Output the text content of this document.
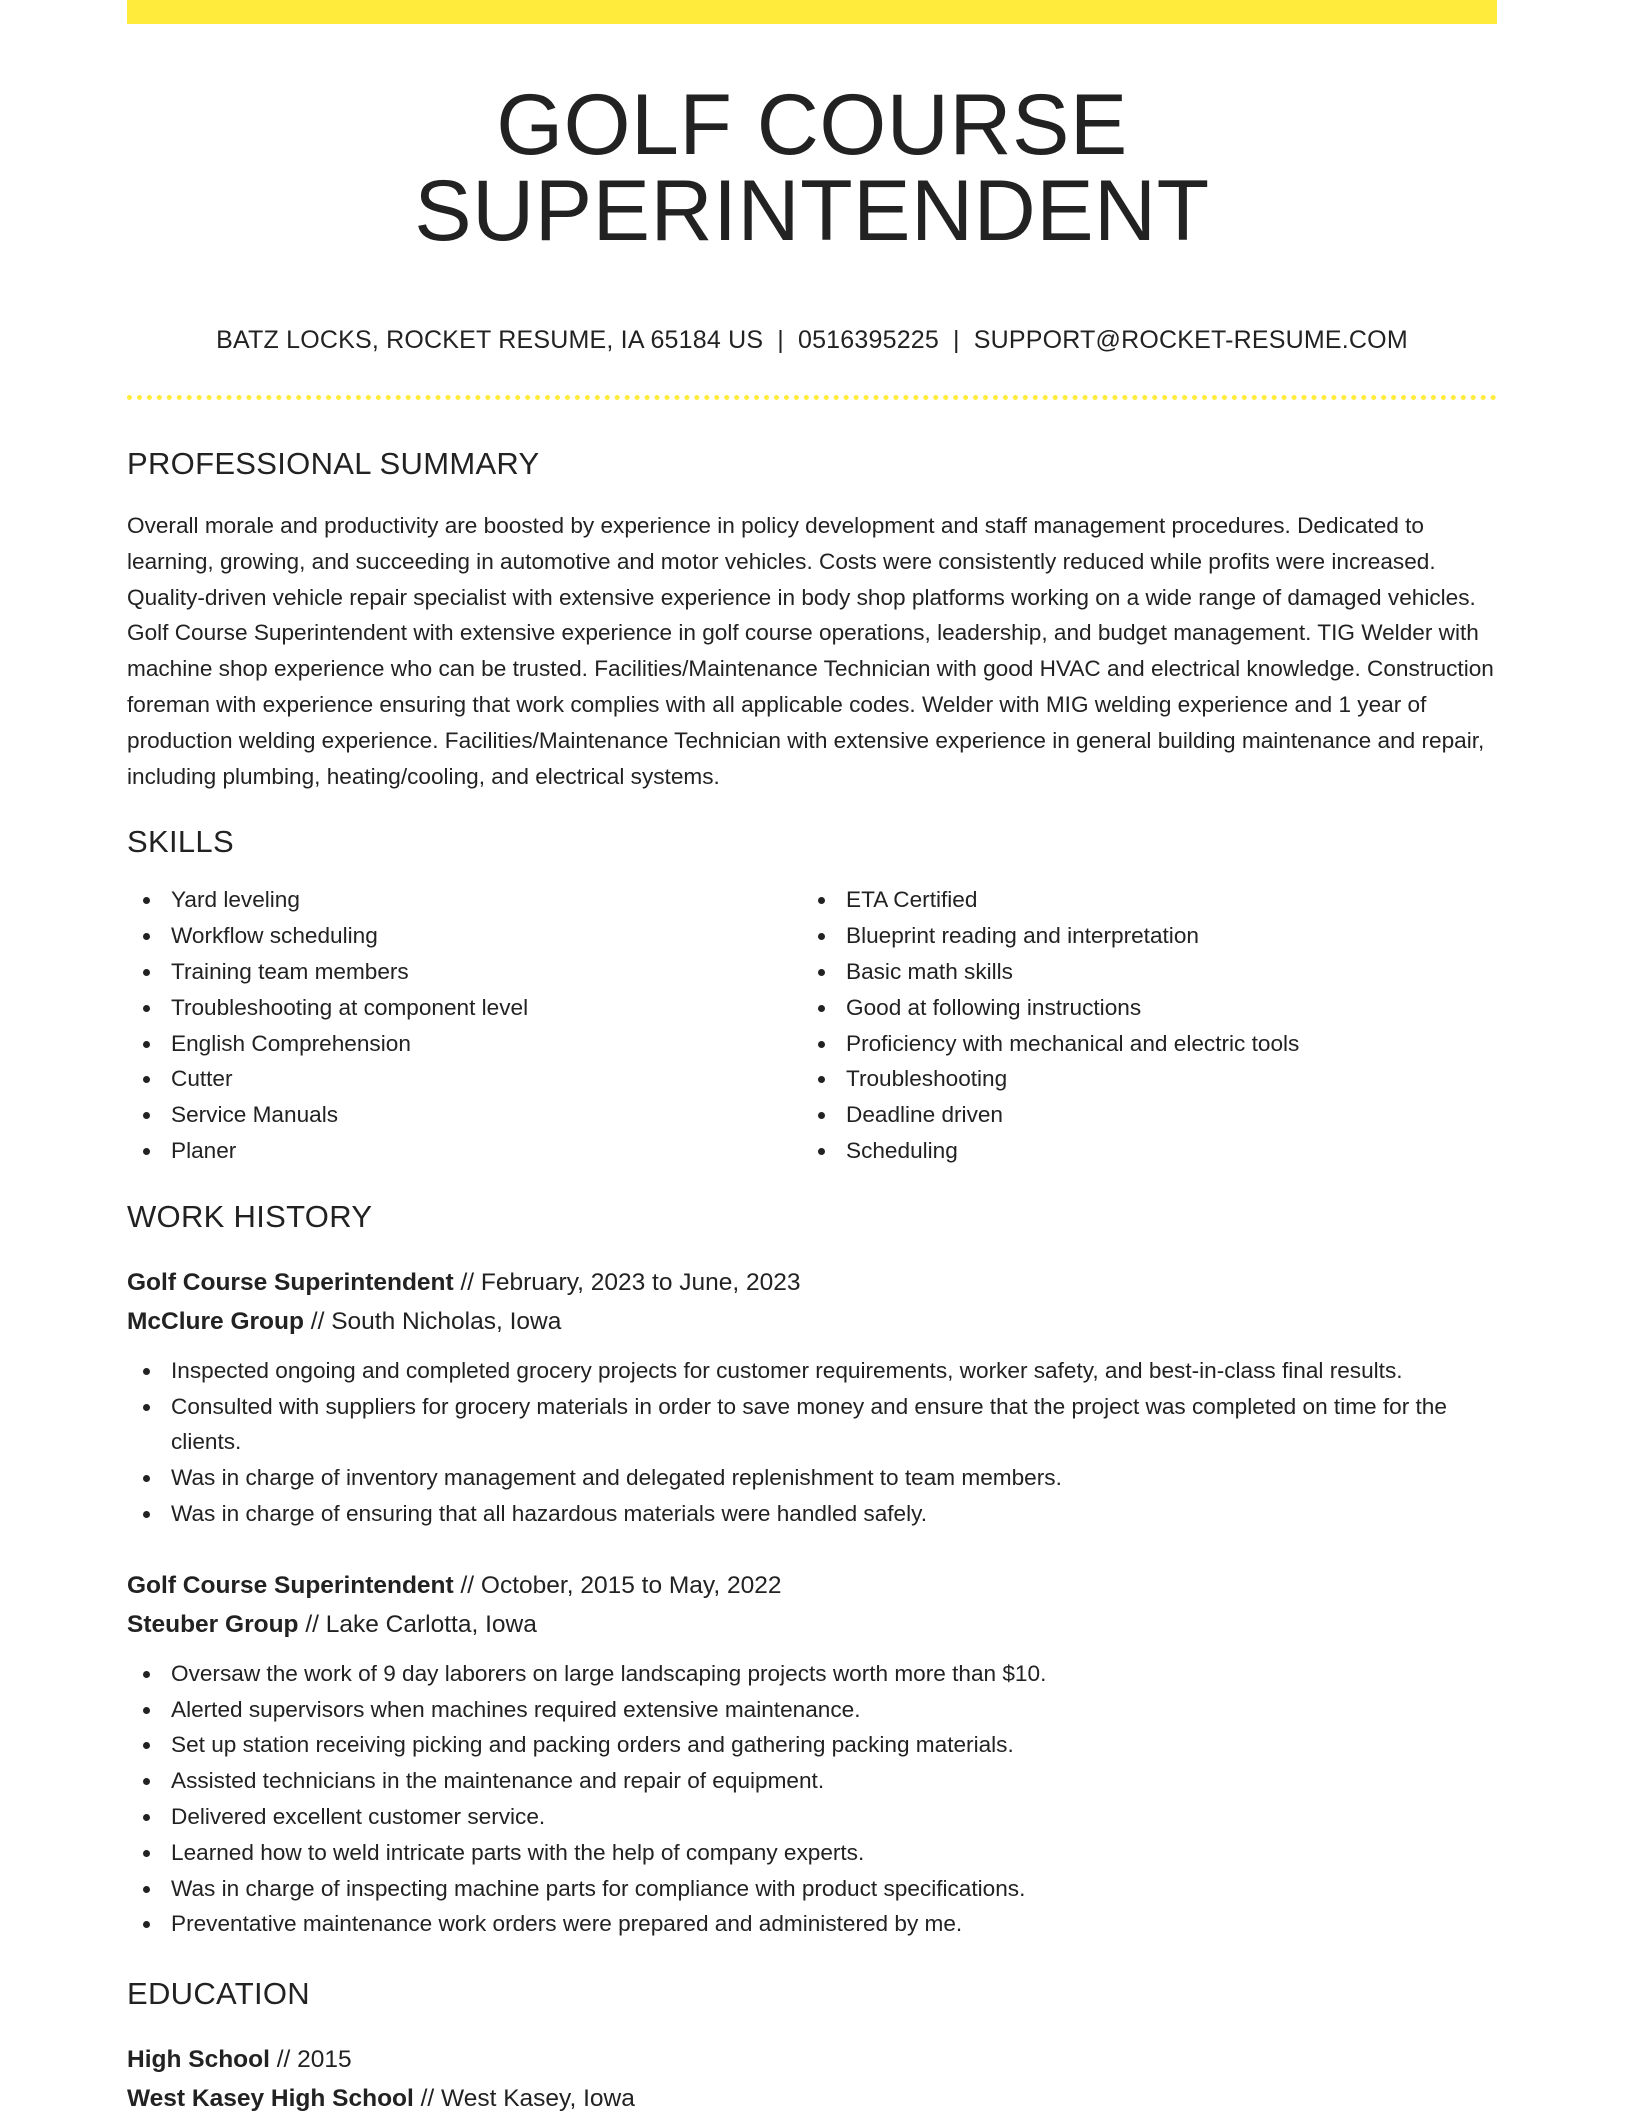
GOLF COURSE SUPERINTENDENT
BATZ LOCKS, ROCKET RESUME, IA 65184 US | 0516395225 | SUPPORT@ROCKET-RESUME.COM
PROFESSIONAL SUMMARY

Overall morale and productivity are boosted by experience in policy development and staff management procedures. Dedicated to learning, growing, and succeeding in automotive and motor vehicles. Costs were consistently reduced while profits were increased. Quality-driven vehicle repair specialist with extensive experience in body shop platforms working on a wide range of damaged vehicles. Golf Course Superintendent with extensive experience in golf course operations, leadership, and budget management. TIG Welder with machine shop experience who can be trusted. Facilities/Maintenance Technician with good HVAC and electrical knowledge. Construction foreman with experience ensuring that work complies with all applicable codes. Welder with MIG welding experience and 1 year of production welding experience. Facilities/Maintenance Technician with extensive experience in general building maintenance and repair, including plumbing, heating/cooling, and electrical systems.

SKILLS
Yard leveling
Workflow scheduling
Training team members
Troubleshooting at component level
English Comprehension
Cutter
Service Manuals
Planer
ETA Certified
Blueprint reading and interpretation
Basic math skills
Good at following instructions
Proficiency with mechanical and electric tools
Troubleshooting
Deadline driven
Scheduling
WORK HISTORY
Golf Course Superintendent // February, 2023 to June, 2023
McClure Group // South Nicholas, Iowa
Inspected ongoing and completed grocery projects for customer requirements, worker safety, and best-in-class final results.
Consulted with suppliers for grocery materials in order to save money and ensure that the project was completed on time for the clients.
Was in charge of inventory management and delegated replenishment to team members.
Was in charge of ensuring that all hazardous materials were handled safely.
Golf Course Superintendent // October, 2015 to May, 2022
Steuber Group // Lake Carlotta, Iowa
Oversaw the work of 9 day laborers on large landscaping projects worth more than $10.
Alerted supervisors when machines required extensive maintenance.
Set up station receiving picking and packing orders and gathering packing materials.
Assisted technicians in the maintenance and repair of equipment.
Delivered excellent customer service.
Learned how to weld intricate parts with the help of company experts.
Was in charge of inspecting machine parts for compliance with product specifications.
Preventative maintenance work orders were prepared and administered by me.
EDUCATION
High School // 2015
West Kasey High School // West Kasey, Iowa
